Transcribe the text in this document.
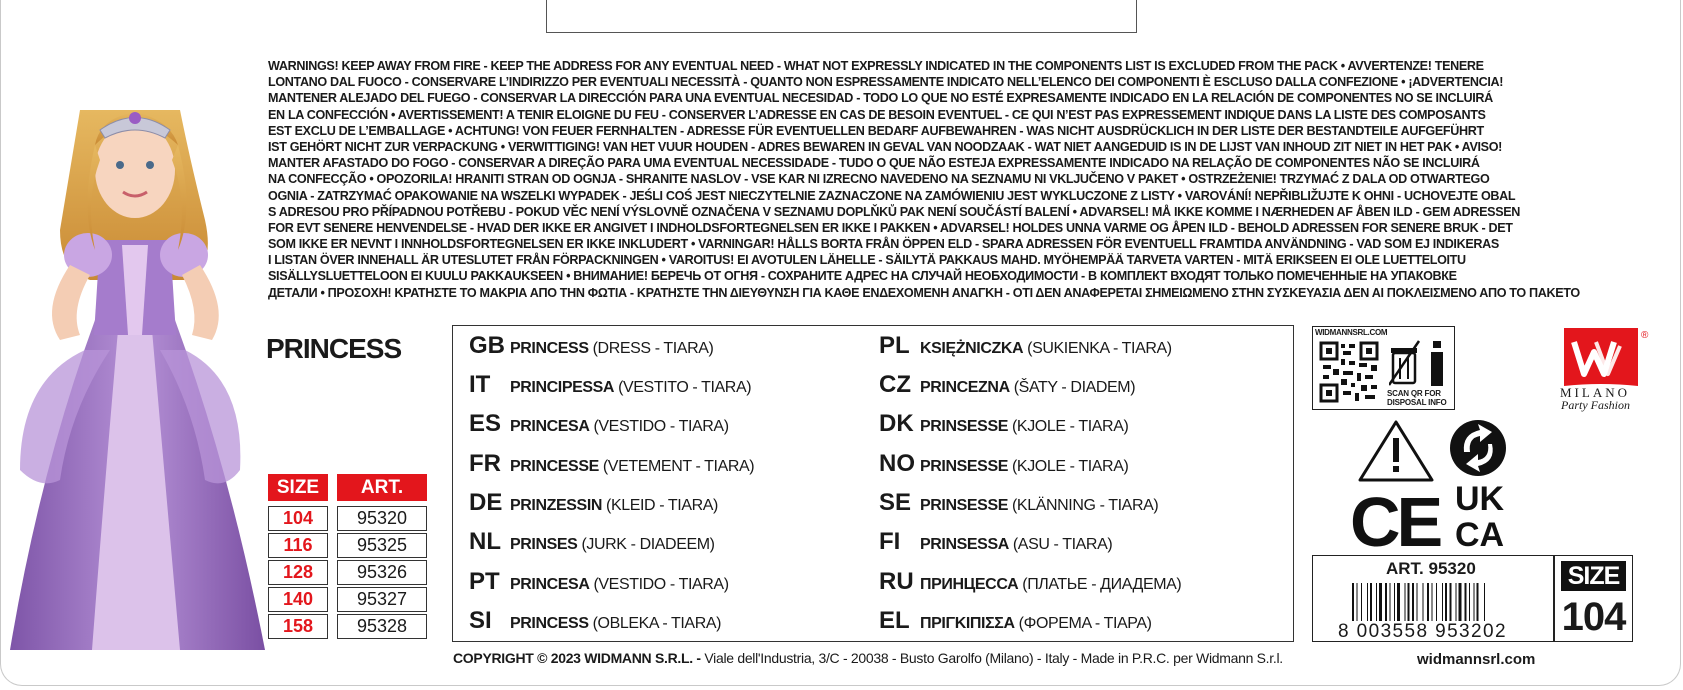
WARNINGS! KEEP AWAY FROM FIRE - KEEP THE ADDRESS FOR ANY EVENTUAL NEED - WHAT NOT EXPRESSLY INDICATED IN THE COMPONENTS LIST IS EXCLUDED FROM THE PACK • AVVERTENZE! TENERE
LONTANO DAL FUOCO - CONSERVARE L’INDIRIZZO PER EVENTUALI NECESSITÀ - QUANTO NON ESPRESSAMENTE INDICATO NELL’ELENCO DEI COMPONENTI È ESCLUSO DALLA CONFEZIONE • ¡ADVERTENCIA!
MANTENER ALEJADO DEL FUEGO - CONSERVAR LA DIRECCIÓN PARA UNA EVENTUAL NECESIDAD - TODO LO QUE NO ESTÉ EXPRESAMENTE INDICADO EN LA RELACIÓN DE COMPONENTES NO SE INCLUIRÁ
EN LA CONFECCIÓN • AVERTISSEMENT! A TENIR ELOIGNE DU FEU - CONSERVER L’ADRESSE EN CAS DE BESOIN EVENTUEL - CE QUI N’EST PAS EXPRESSEMENT INDIQUE DANS LA LISTE DES COMPOSANTS
EST EXCLU DE L’EMBALLAGE • ACHTUNG! VON FEUER FERNHALTEN - ADRESSE FÜR EVENTUELLEN BEDARF AUFBEWAHREN - WAS NICHT AUSDRÜCKLICH IN DER LISTE DER BESTANDTEILE AUFGEFÜHRT
IST GEHÖRT NICHT ZUR VERPACKUNG • VERWITTIGING! VAN HET VUUR HOUDEN - ADRES BEWAREN IN GEVAL VAN NOODZAAK - WAT NIET AANGEDUID IS IN DE LIJST VAN INHOUD ZIT NIET IN HET PAK • AVISO!
MANTER AFASTADO DO FOGO - CONSERVAR A DIREÇÃO PARA UMA EVENTUAL NECESSIDADE - TUDO O QUE NÃO ESTEJA EXPRESSAMENTE INDICADO NA RELAÇÃO DE COMPONENTES NÃO SE INCLUIRÁ
NA CONFECÇÃO • OPOZORILA! HRANITI STRAN OD OGNJA - SHRANITE NASLOV - VSE KAR NI IZRECNO NAVEDENO NA SEZNAMU NI VKLJUČENO V PAKET • OSTRZEŻENIE! TRZYMAĆ Z DALA OD OTWARTEGO
OGNIA - ZATRZYMAĆ OPAKOWANIE NA WSZELKI WYPADEK - JEŚLI COŚ JEST NIECZYTELNIE ZAZNACZONE NA ZAMÓWIENIU JEST WYKLUCZONE Z LISTY • VAROVÁNÍ! NEPŘIBLIŽUJTE K OHNI - UCHOVEJTE OBAL
S ADRESOU PRO PŘÍPADNOU POTŘEBU - POKUD VĚC NENÍ VÝSLOVNĚ OZNAČENA V SEZNAMU DOPLŇKŮ PAK NENÍ SOUČÁSTÍ BALENÍ • ADVARSEL! MÅ IKKE KOMME I NÆRHEDEN AF ÅBEN ILD - GEM ADRESSEN
FOR EVT SENERE HENVENDELSE - HVAD DER IKKE ER ANGIVET I INDHOLDSFORTEGNELSEN ER IKKE I PAKKEN • ADVARSEL! HOLDES UNNA VARME OG ÅPEN ILD - BEHOLD ADRESSEN FOR SENERE BRUK - DET
SOM IKKE ER NEVNT I INNHOLDSFORTEGNELSEN ER IKKE INKLUDERT • VARNINGAR! HÅLLS BORTA FRÅN ÖPPEN ELD - SPARA ADRESSEN FÖR EVENTUELL FRAMTIDA ANVÄNDNING - VAD SOM EJ INDIKERAS
I LISTAN ÖVER INNEHALL ÄR UTESLUTET FRÅN FÖRPACKNINGEN • VAROITUS! EI AVOTULEN LÄHELLE - SÄILYTÄ PAKKAUS MAHD. MYÖHEMPÄÄ TARVETA VARTEN - MITÄ ERIKSEEN EI OLE LUETTELOITU
SISÄLLYSLUETTELOON EI KUULU PAKKAUKSEEN • ВНИМАНИЕ! БЕРЕЧЬ ОТ ОГНЯ - СОХРАНИТЕ АДРЕС НА СЛУЧАЙ НЕОБХОДИМОСТИ - В КОМПЛЕКТ ВХОДЯТ ТОЛЬКО ПОМЕЧЕННЫЕ НА УПАКОВКЕ
ДЕТАЛИ • ΠΡΟΣΟΧΗ! ΚΡΑΤΗΣΤΕ ΤΟ ΜΑΚΡΙΑ ΑΠΟ ΤΗΝ ΦΩΤΙΑ - ΚΡΑΤΗΣΤΕ ΤΗΝ ΔΙΕΥΘΥΝΣΗ ΓΙΑ ΚΑΘΕ ΕΝΔΕΧΟΜΕΝΗ ΑΝΑΓΚΗ - ΟΤΙ ΔΕΝ ΑΝΑΦΕΡΕΤΑΙ ΣΗΜΕΙΩΜΕΝΟ ΣΤΗΝ ΣΥΣΚΕΥΑΣΙΑ ΔΕΝ ΑΙ ΠΟΚΛΕΙΣΜΕΝΟ ΑΠΟ ΤΟ ΠΑΚΕΤΟ
PRINCESS
SIZE	ART.
104	95320
116	95325
128	95326
140	95327
158	95328
GB PRINCESS (DRESS - TIARA)
IT PRINCIPESSA (VESTITO - TIARA)
ES PRINCESA (VESTIDO - TIARA)
FR PRINCESSE (VETEMENT - TIARA)
DE PRINZESSIN (KLEID - TIARA)
NL PRINSES (JURK - DIADEEM)
PT PRINCESA (VESTIDO - TIARA)
SI PRINCESS (OBLEKA - TIARA)
PL KSIĘŻNICZKA (SUKIENKA - TIARA)
CZ PRINCEZNA (ŠATY - DIADEM)
DK PRINSESSE (KJOLE - TIARA)
NO PRINSESSE (KJOLE - TIARA)
SE PRINSESSE (KLÄNNING - TIARA)
FI PRINSESSA (ASU - TIARA)
RU ПРИНЦЕССА (ПЛАТЬЕ - ДИАДЕМА)
EL ΠΡΙΓΚΙΠΙΣΣΑ (ΦΟΡΕΜΑ - ΤΙΑΡΑ)
COPYRIGHT © 2023 WIDMANN S.R.L. - Viale dell'Industria, 3/C - 20038 - Busto Garolfo (Milano) - Italy - Made in P.R.C. per Widmann S.r.l.	widmannsrl.com
WIDMANNSRL.COM
SCAN QR FOR
DISPOSAL INFO
®
MILANO
Party Fashion
CE UK
CA
ART. 95320
8 003558 953202
SIZE
104
